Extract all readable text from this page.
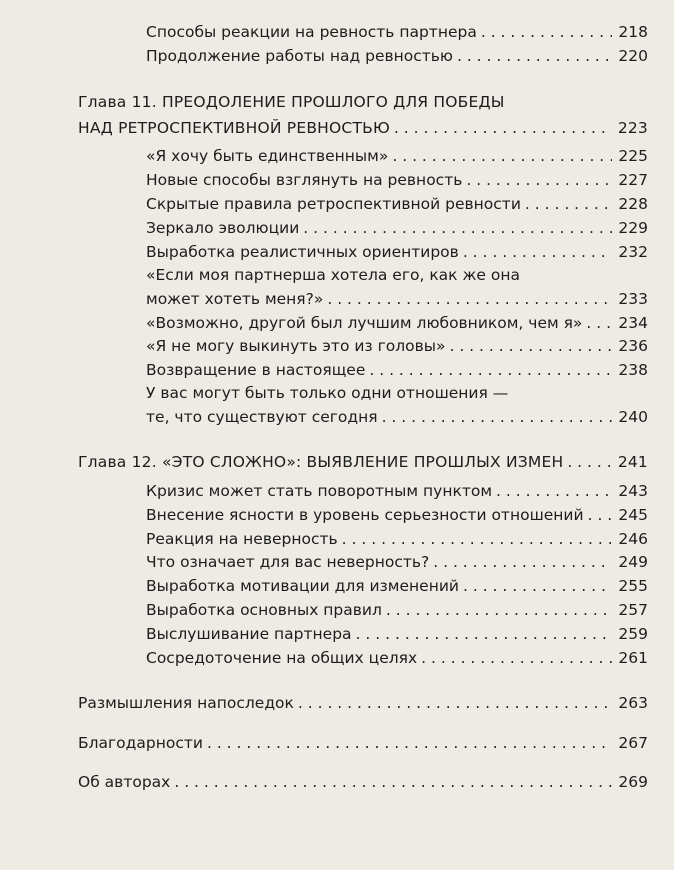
Способы реакции на ревность партнера . . .	218
Продолжение работы над ревностью . . .	220
Глава 11. ПРЕОДОЛЕНИЕ ПРОШЛОГО ДЛЯ ПОБЕДЫ
НАД РЕТРОСПЕКТИВНОЙ РЕВНОСТЬЮ . . .	223
«Я хочу быть единственным» . . .	225
Новые способы взглянуть на ревность . . .	227
Скрытые правила ретроспективной ревности . . .	228
Зеркало эволюции . . .	229
Выработка реалистичных ориентиров . . .	232
«Если моя партнерша хотела его, как же она
может хотеть меня?» . . .	233
«Возможно, другой был лучшим любовником, чем я» . . . 234
«Я не могу выкинуть это из головы» . . .	236
Возвращение в настоящее . . .	238
У вас могут быть только одни отношения —
те, что существуют сегодня . . .	240
Глава 12. «ЭТО СЛОЖНО»: ВЫЯВЛЕНИЕ ПРОШЛЫХ ИЗМЕН . . .	241
Кризис может стать поворотным пунктом . . .	243
Внесение ясности в уровень серьезности отношений . . . 245
Реакция на неверность . . .	246
Что означает для вас неверность? . . .	249
Выработка мотивации для изменений . . .	255
Выработка основных правил . . .	257
Выслушивание партнера . . .	259
Сосредоточение на общих целях . . .	261
Размышления напоследок . . .	263
Благодарности . . .	267
Об авторах . . .	269
